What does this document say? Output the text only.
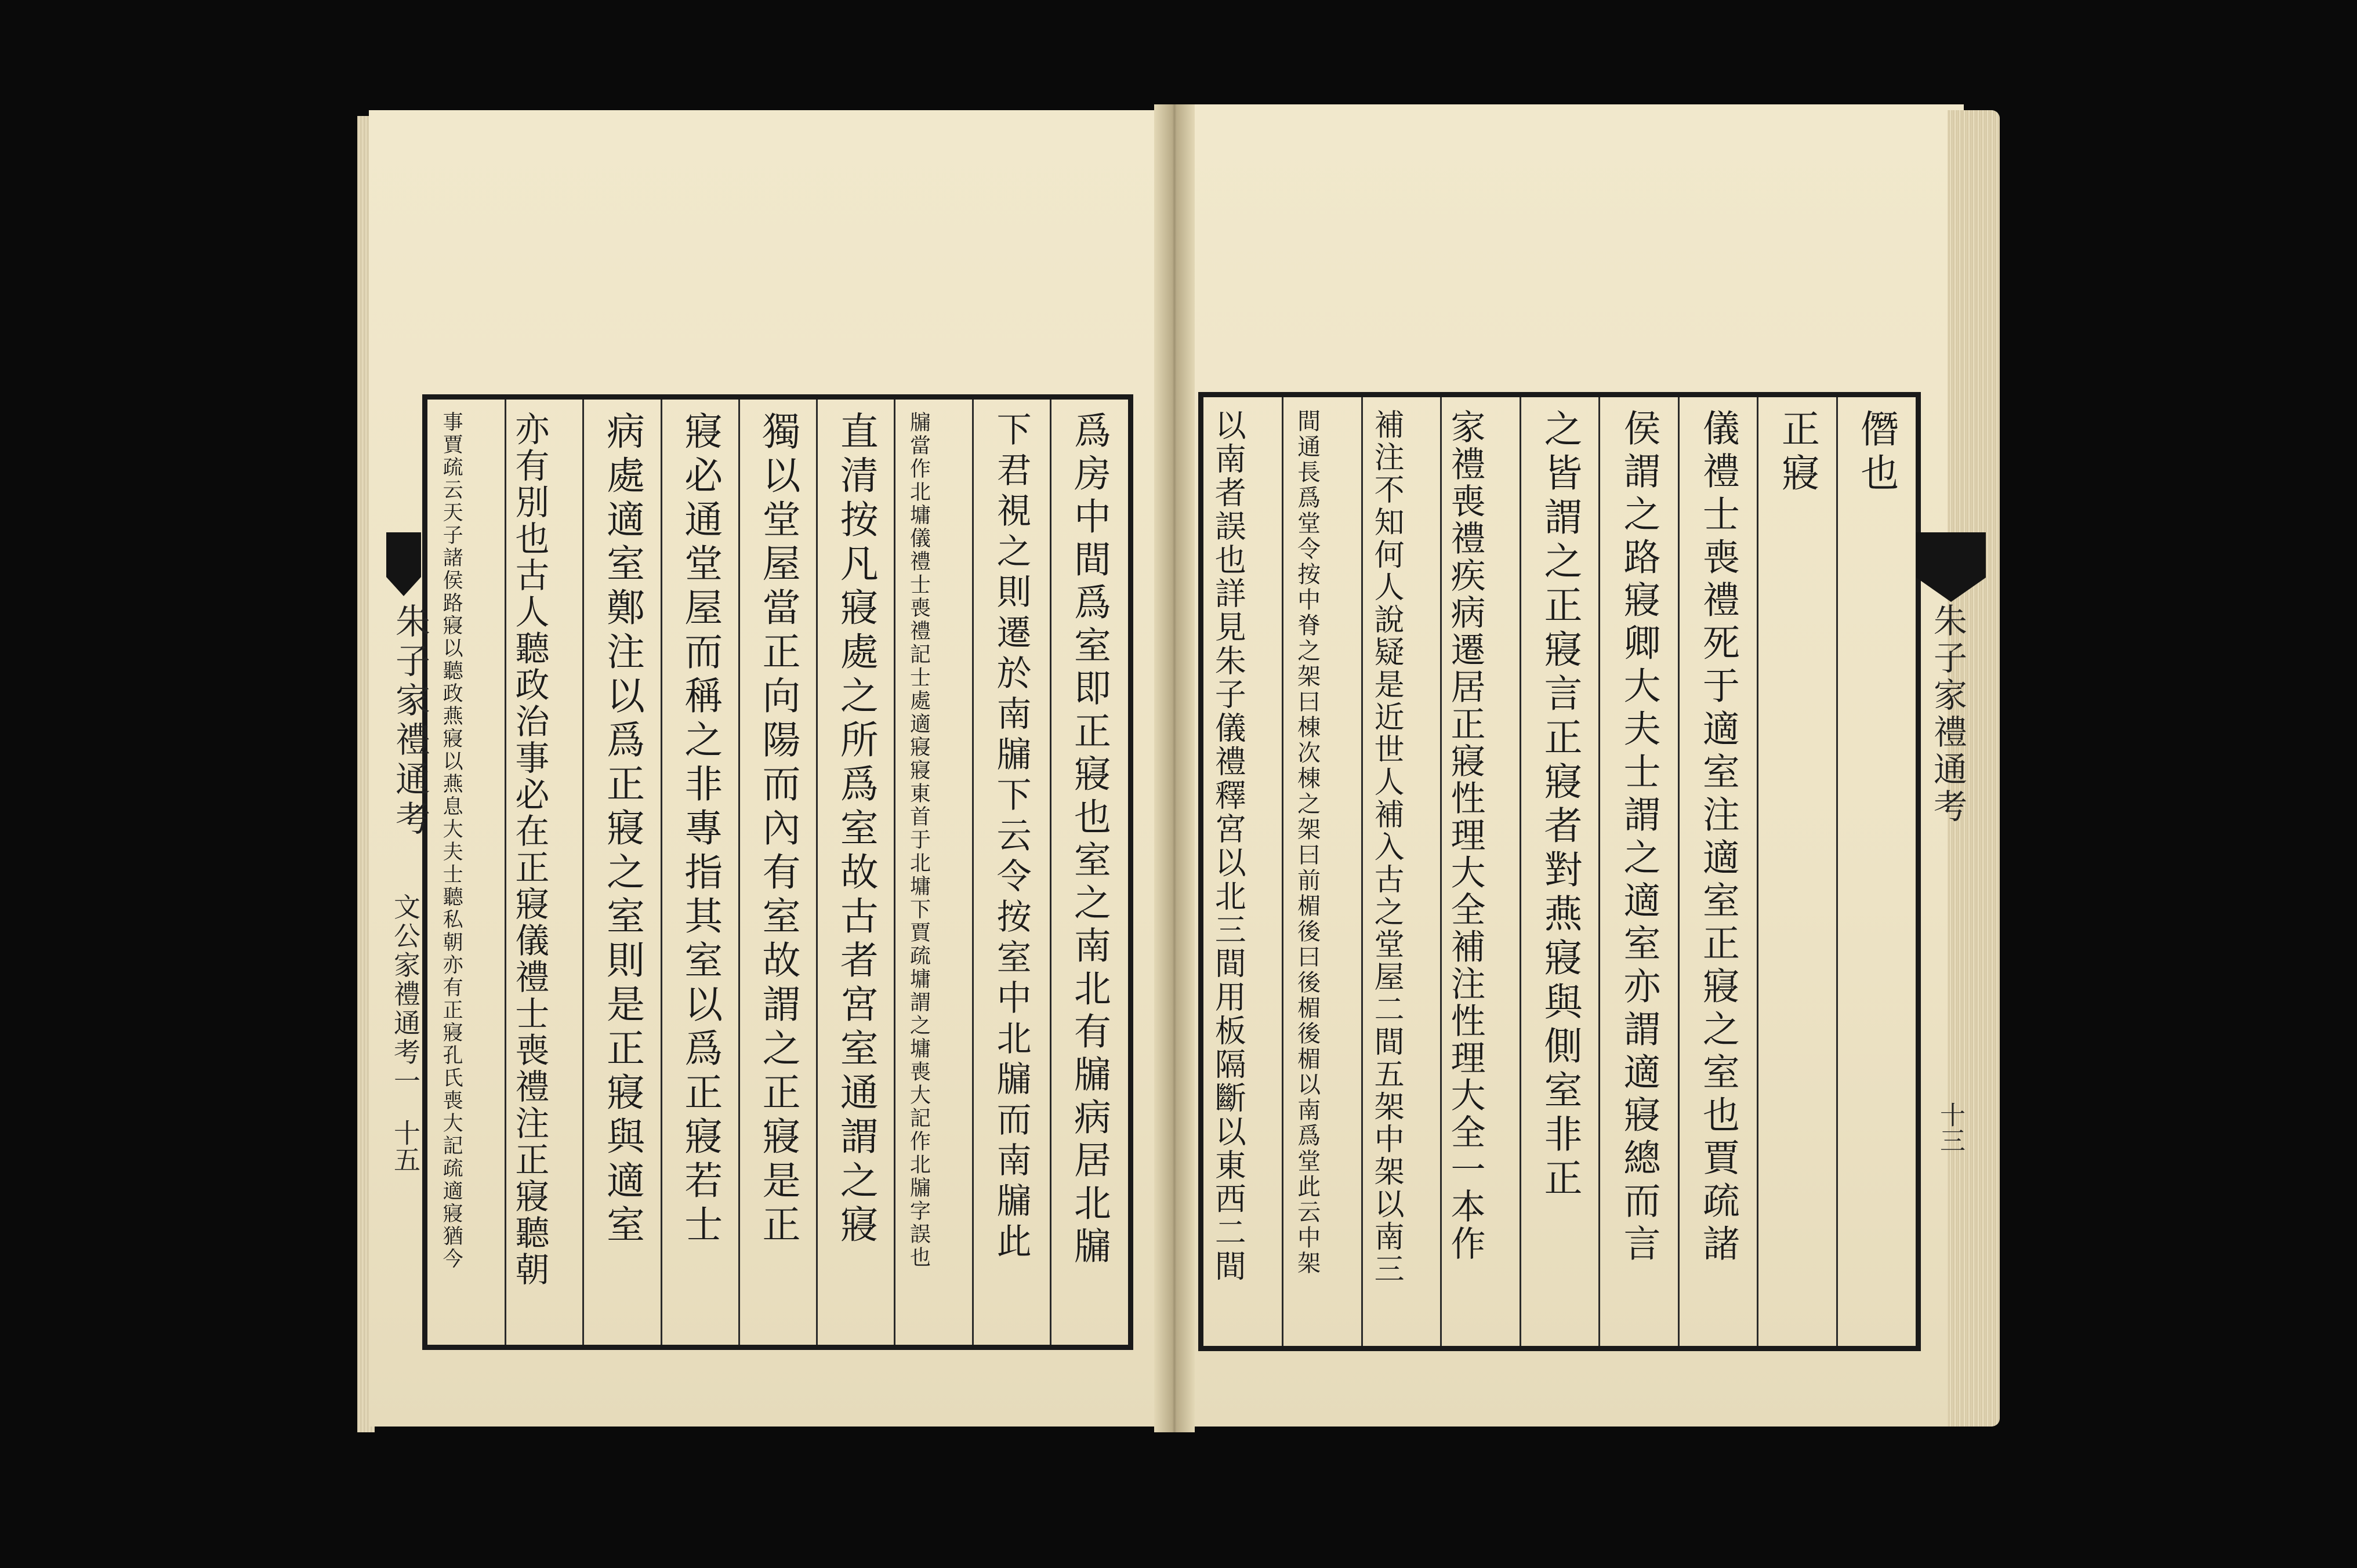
爲房中間爲室即正寢也室之南北有牖病居北牖
下君視之則遷於南牖下云令按室中北牖而南牖此
牖當作北墉儀禮士喪禮記士處適寢寢東首于北墉下賈疏墉謂之墉喪大記作北牖字誤也
直清按凡寢處之所爲室故古者宮室通謂之寢
獨以堂屋當正向陽而內有室故謂之正寢是正
寢必通堂屋而稱之非專指其室以爲正寢若士
病處適室鄭注以爲正寢之室則是正寢與適室
亦有別也古人聽政治事必在正寢儀禮士喪禮注正寢聽朝
事賈疏云天子諸侯路寢以聽政燕寢以燕息大夫士聽私朝亦有正寢孔氏喪大記疏適寢猶今
朱子家禮通考
文公家禮通考一
十五
僭也
正寢
儀禮士喪禮死于適室注適室正寢之室也賈疏諸
侯謂之路寢卿大夫士謂之適室亦謂適寢總而言
之皆謂之正寢言正寢者對燕寢與側室非正
家禮喪禮疾病遷居正寢性理大全補注性理大全一本作
補注不知何人說疑是近世人補入古之堂屋二間五架中架以南三
間通長爲堂令按中脊之架曰棟次棟之架曰前楣後曰後楣後楣以南爲堂此云中架
以南者誤也詳見朱子儀禮釋宮以北三間用板隔斷以東西二間	朱子家禮通考
十三
